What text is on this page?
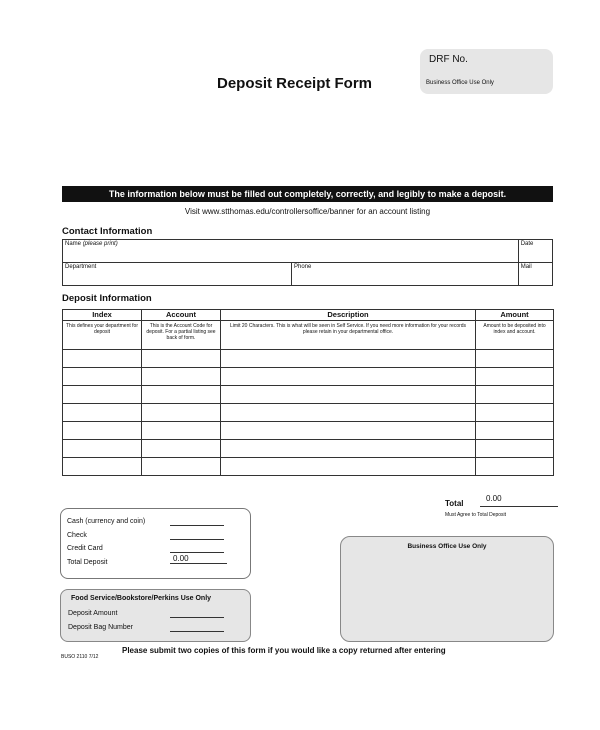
Deposit Receipt Form
DRF No.
Business Office Use Only
The information below must be filled out completely, correctly, and legibly to make a deposit.
Visit www.stthomas.edu/controllersoffice/banner for an account listing
Contact Information
Name (please print)		Date
Department	Phone	Mail
Deposit Information
Index	Account	Description	Amount
This defines your department for deposit	This is the Account Code for deposit. For a partial listing see back of form.	Limit 20 Characters. This is what will be seen in Self Service. If you need more information for your records please retain in your departmental office.	Amount to be deposited into index and account.

Total
0.00
Must Agree to Total Deposit
Cash (currency and coin)
Check
Credit Card
Total Deposit	0.00
Business Office Use Only
Food Service/Bookstore/Perkins Use Only
Deposit Amount
Deposit Bag Number
BUSO 2110 7/12
Please submit two copies of this form if you would like a copy returned after entering
